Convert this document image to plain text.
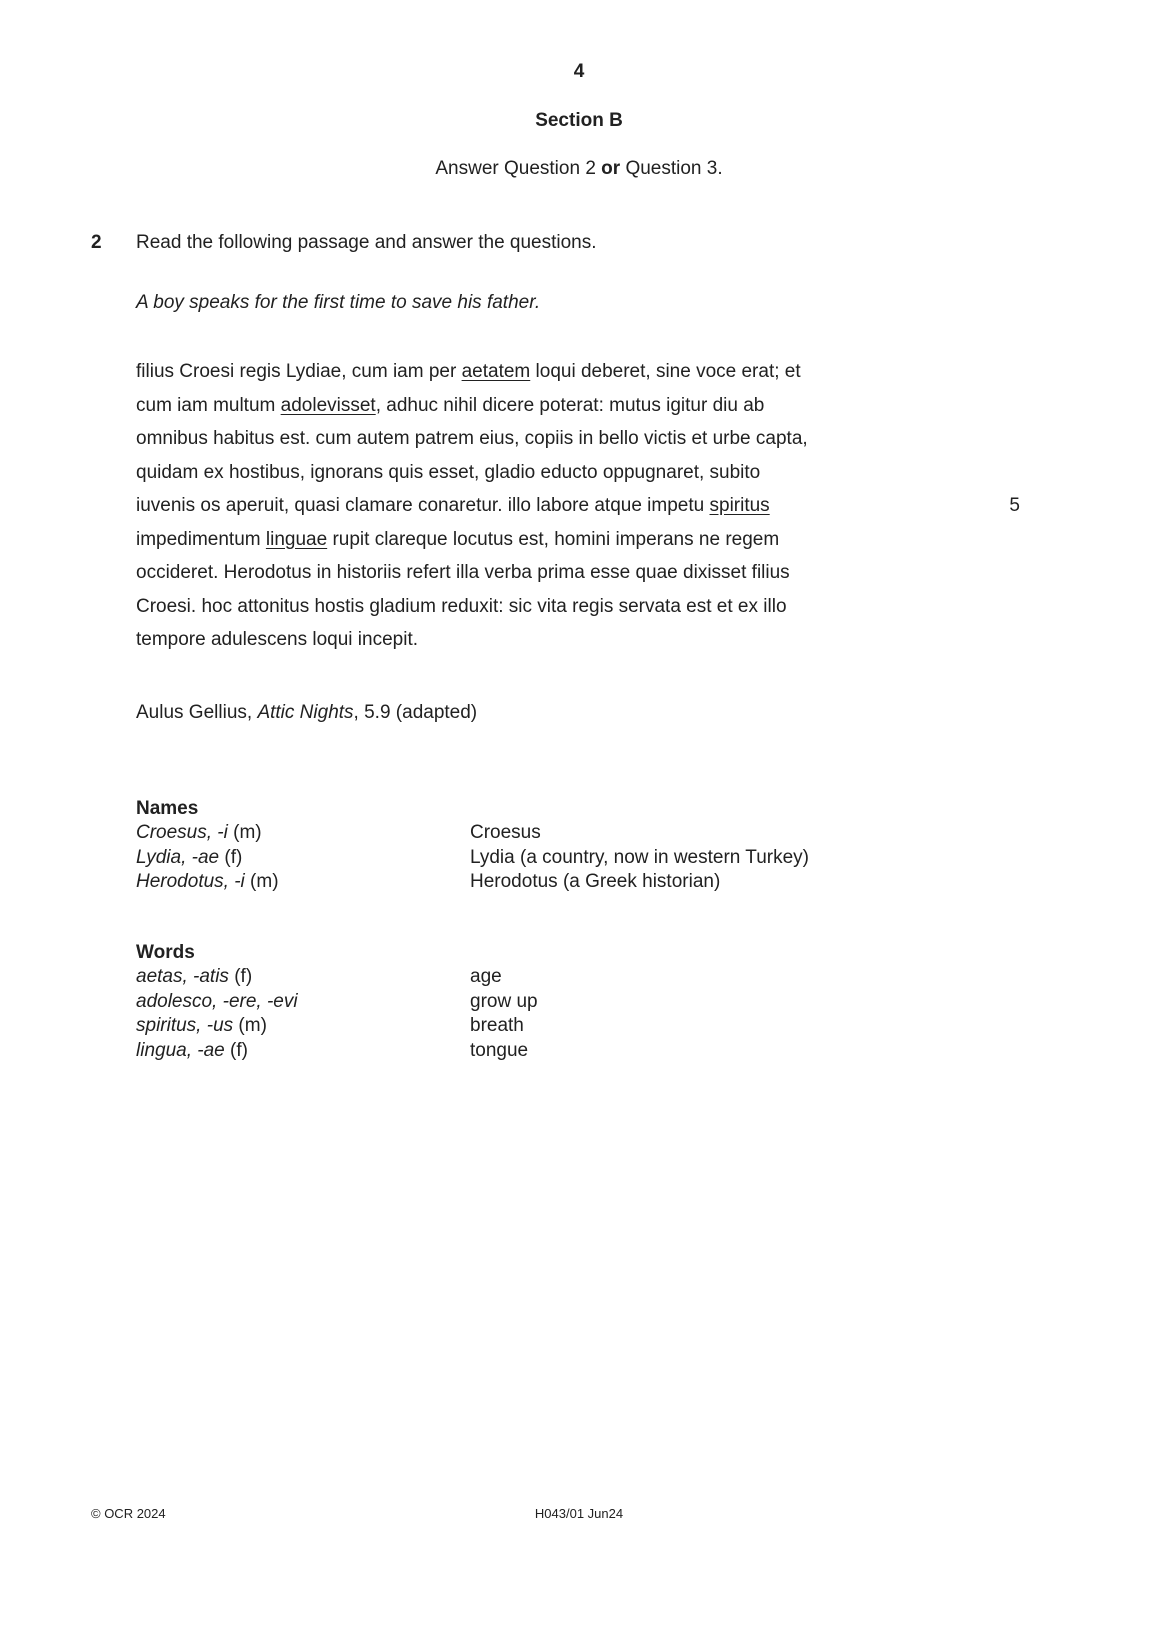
4
Section B
Answer Question 2 or Question 3.
2	Read the following passage and answer the questions.
A boy speaks for the first time to save his father.
filius Croesi regis Lydiae, cum iam per aetatem loqui deberet, sine voce erat; et
cum iam multum adolevisset, adhuc nihil dicere poterat: mutus igitur diu ab
omnibus habitus est. cum autem patrem eius, copiis in bello victis et urbe capta,
quidam ex hostibus, ignorans quis esset, gladio educto oppugnaret, subito
iuvenis os aperuit, quasi clamare conaretur. illo labore atque impetu spiritus	5
impedimentum linguae rupit clareque locutus est, homini imperans ne regem
occideret. Herodotus in historiis refert illa verba prima esse quae dixisset filius
Croesi. hoc attonitus hostis gladium reduxit: sic vita regis servata est et ex illo
tempore adulescens loqui incepit.
Aulus Gellius, Attic Nights, 5.9 (adapted)
Names
Croesus, -i (m)	Croesus
Lydia, -ae (f)	Lydia (a country, now in western Turkey)
Herodotus, -i (m)	Herodotus (a Greek historian)
Words
aetas, -atis (f)	age
adolesco, -ere, -evi	grow up
spiritus, -us (m)	breath
lingua, -ae (f)	tongue
© OCR 2024	H043/01 Jun24
